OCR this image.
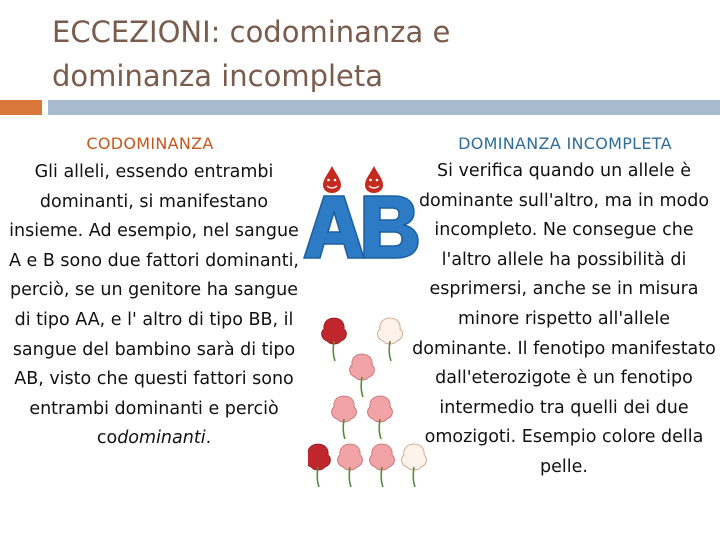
ECCEZIONI: codominanza e
dominanza incompleta
CODOMINANZA

Gli alleli, essendo entrambi dominanti, si manifestano insieme. Ad esempio, nel sangue A e B sono due fattori dominanti, perciò, se un genitore ha sangue di tipo AA, e l' altro di tipo BB, il sangue del bambino sarà di tipo AB, visto che questi fattori sono entrambi dominanti e perciò codominanti.

DOMINANZA INCOMPLETA

Si verifica quando un allele è dominante sull'altro, ma in modo incompleto. Ne consegue che l'altro allele ha possibilità di esprimersi, anche se in misura minore rispetto all'allele dominante. Il fenotipo manifestato dall'eterozigote è un fenotipo intermedio tra quelli dei due omozigoti. Esempio colore della pelle.
